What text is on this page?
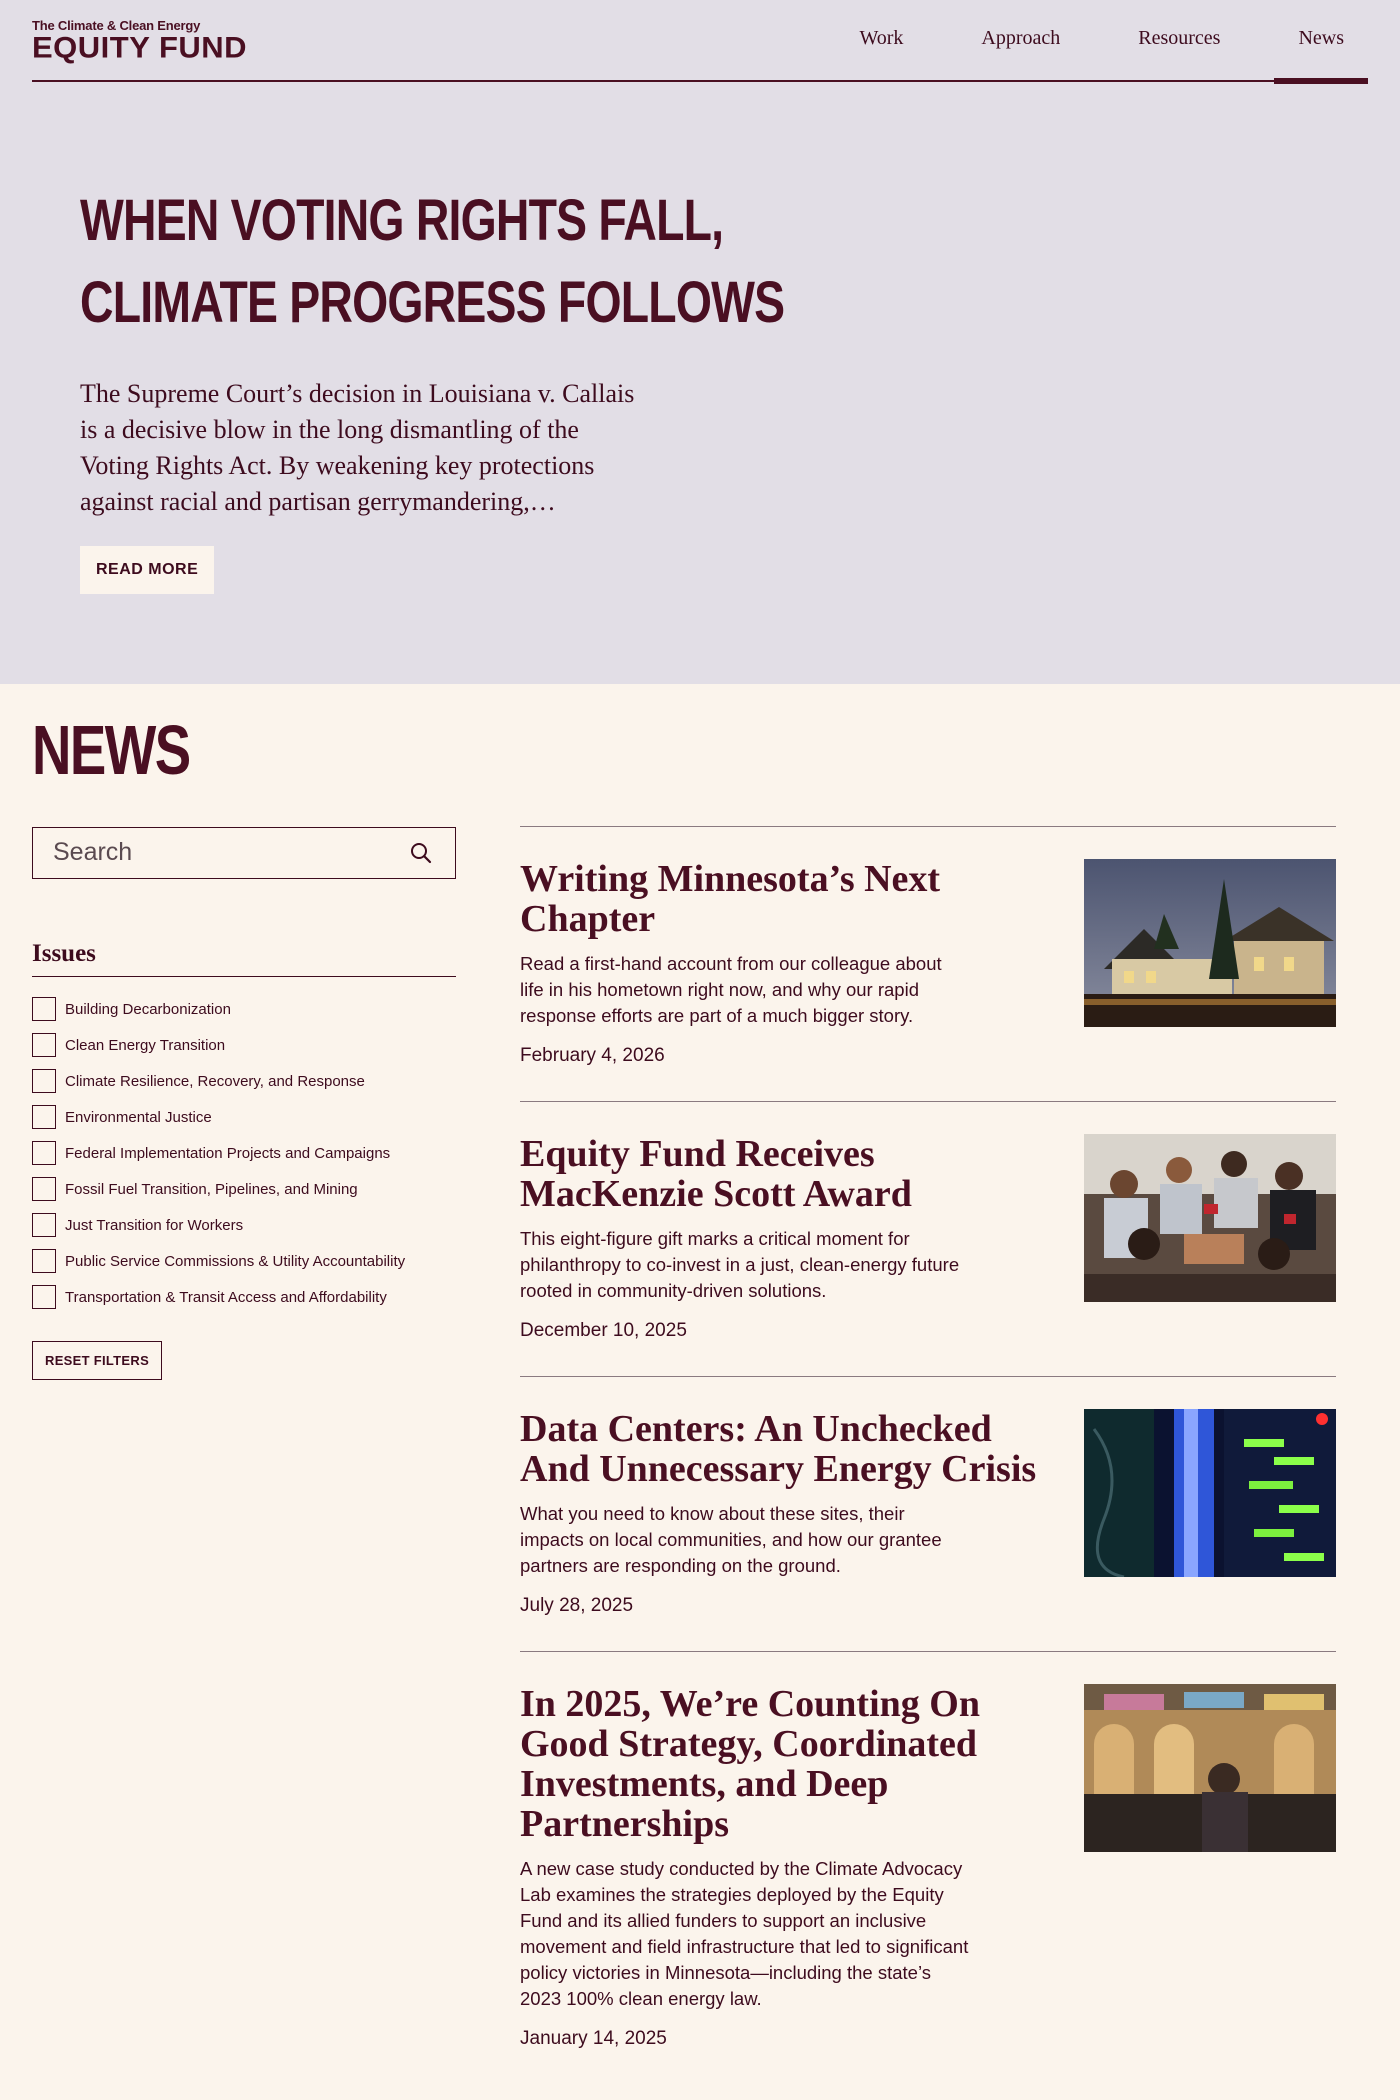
The Climate & Clean Energy
EQUITY FUND	Work	Approach	Resources	News
WHEN VOTING RIGHTS FALL,
CLIMATE PROGRESS FOLLOWS

The Supreme Court’s decision in Louisiana v. Callais is a decisive blow in the long dismantling of the Voting Rights Act. By weakening key protections against racial and partisan gerrymandering,…

READ MORE
NEWS
Search
Issues
Building Decarbonization
Clean Energy Transition
Climate Resilience, Recovery, and Response
Environmental Justice
Federal Implementation Projects and Campaigns
Fossil Fuel Transition, Pipelines, and Mining
Just Transition for Workers
Public Service Commissions & Utility Accountability
Transportation & Transit Access and Affordability
RESET FILTERS
Writing Minnesota’s Next Chapter

Read a first-hand account from our colleague about life in his hometown right now, and why our rapid response efforts are part of a much bigger story.

February 4, 2026

Equity Fund Receives MacKenzie Scott Award

This eight-figure gift marks a critical moment for philanthropy to co-invest in a just, clean-energy future rooted in community-driven solutions.

December 10, 2025

Data Centers: An Unchecked And Unnecessary Energy Crisis

What you need to know about these sites, their impacts on local communities, and how our grantee partners are responding on the ground.

July 28, 2025

In 2025, We’re Counting On Good Strategy, Coordinated Investments, and Deep Partnerships

A new case study conducted by the Climate Advocacy Lab examines the strategies deployed by the Equity Fund and its allied funders to support an inclusive movement and field infrastructure that led to significant policy victories in Minnesota—including the state’s 2023 100% clean energy law.

January 14, 2025
